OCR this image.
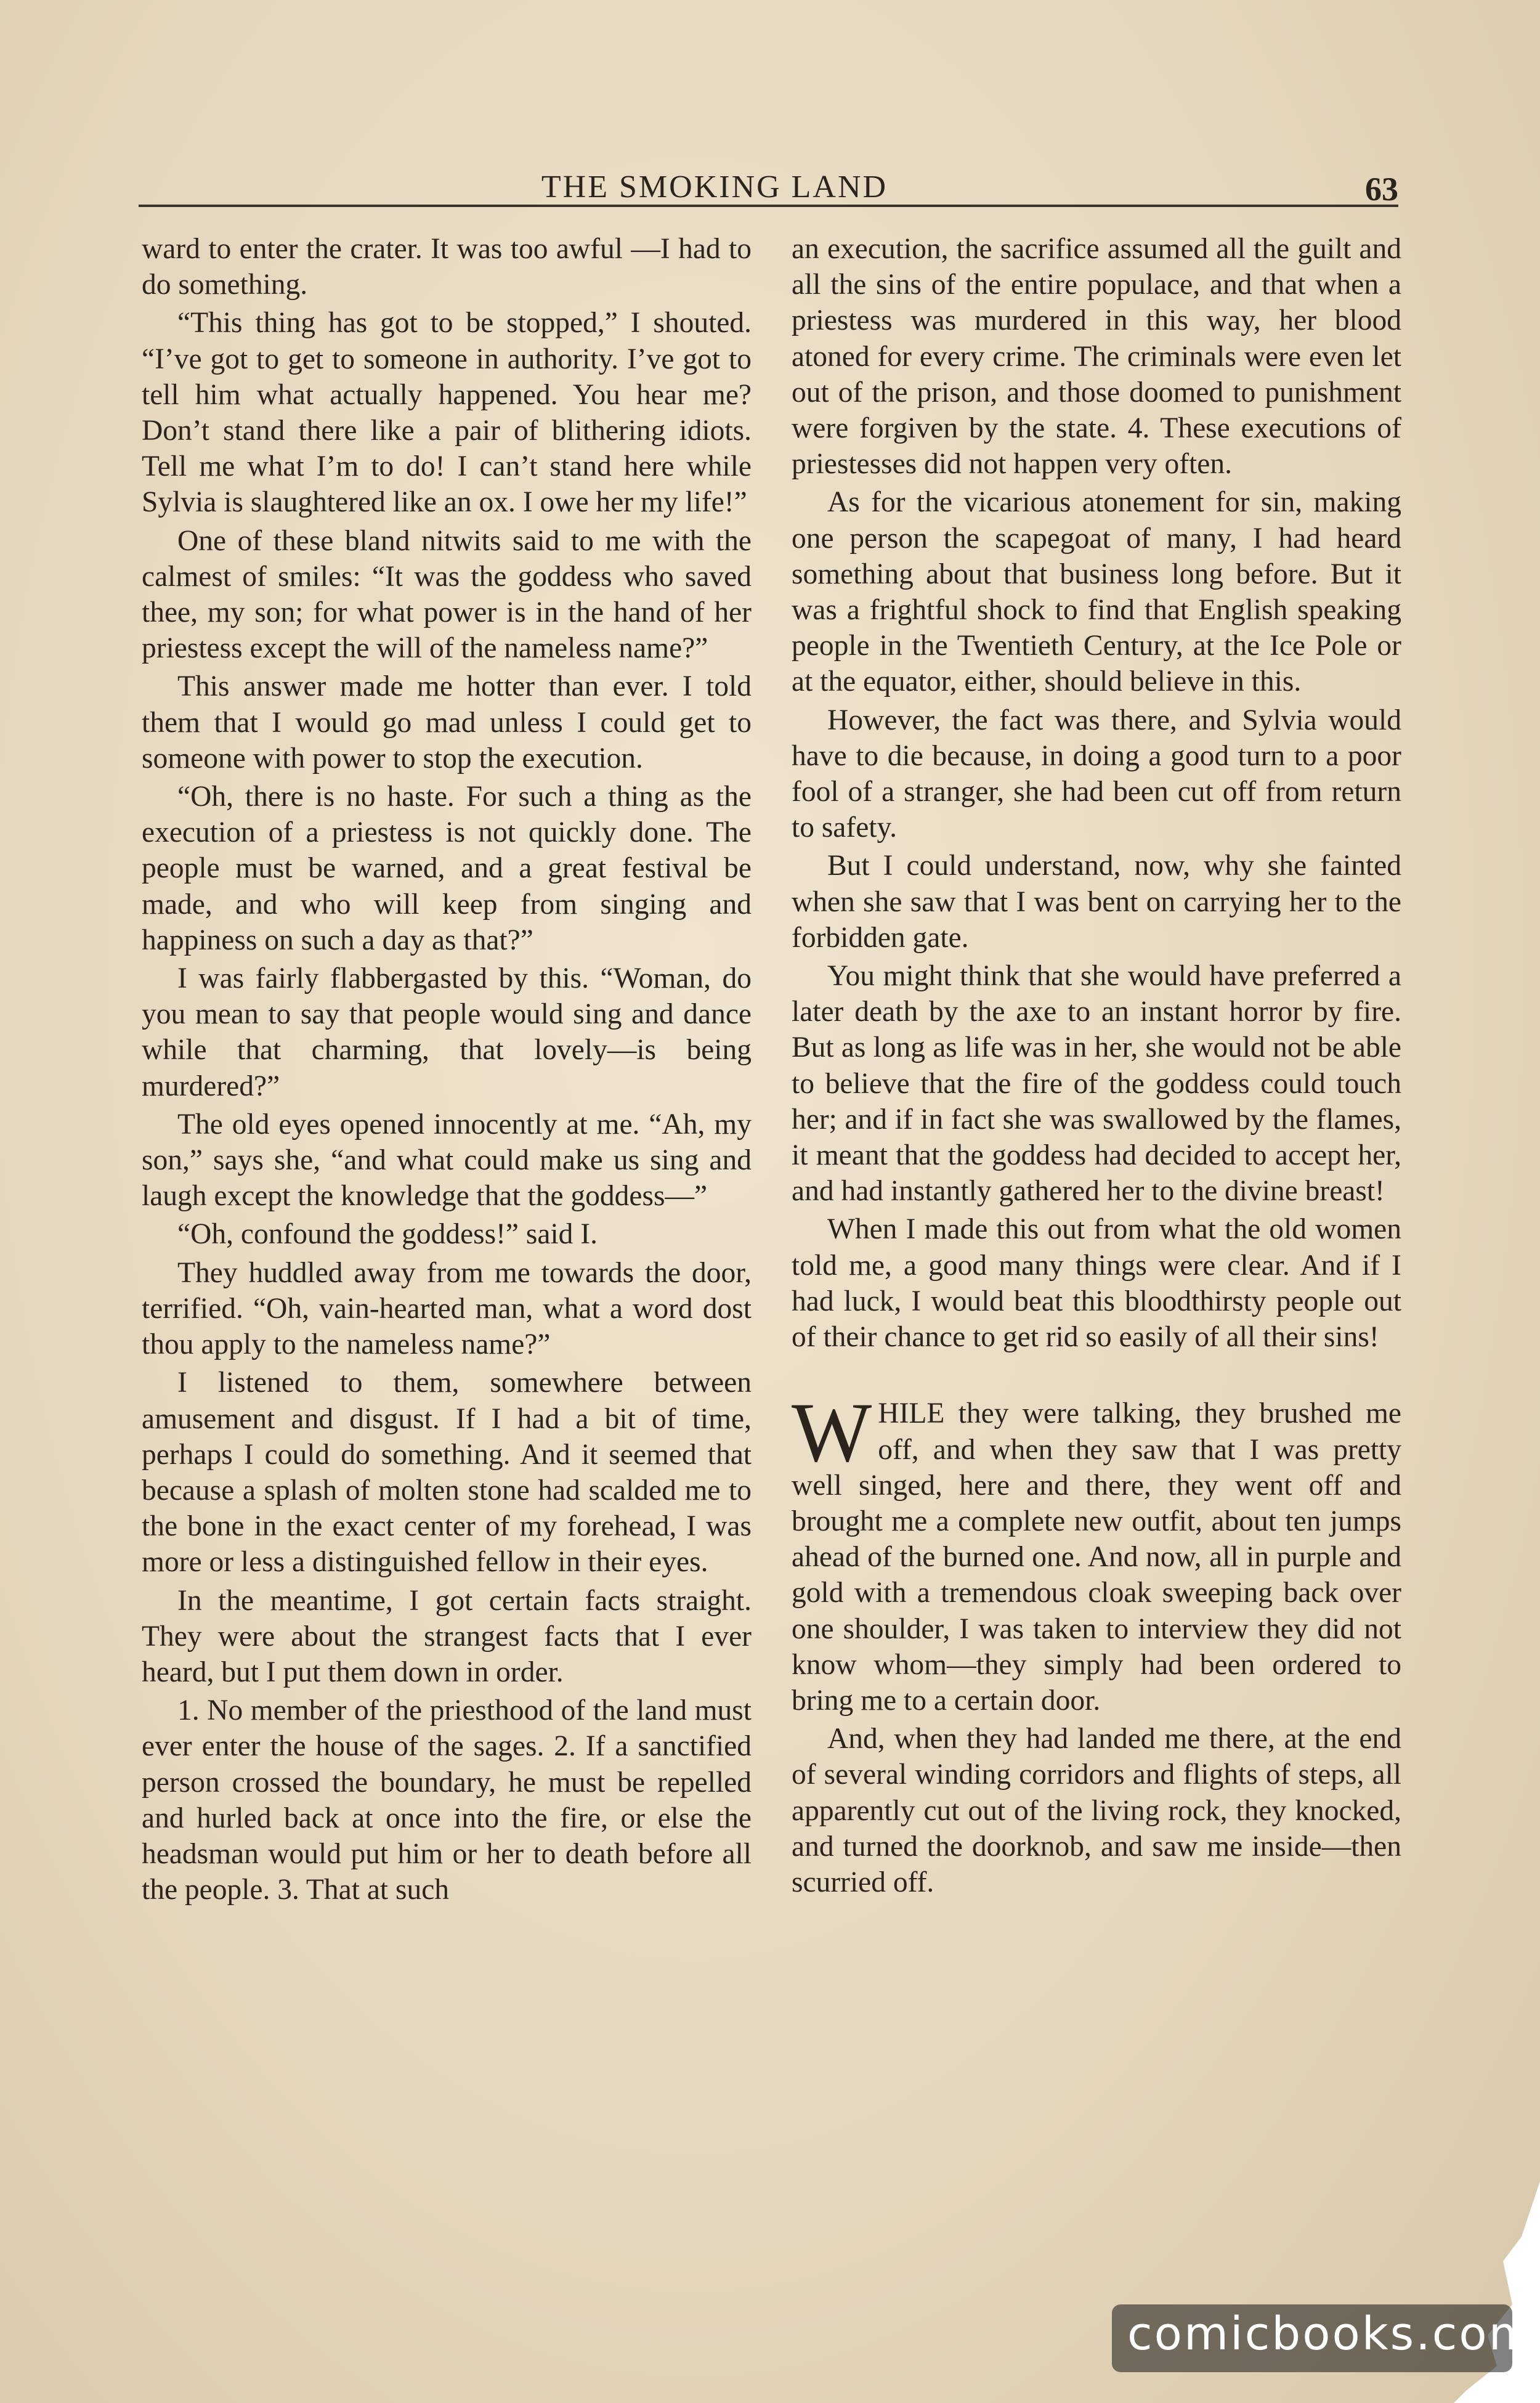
THE SMOKING LAND	63

ward to enter the crater. It was too awful —I had to do something.

“This thing has got to be stopped,” I shouted. “I’ve got to get to someone in authority. I’ve got to tell him what actually happened. You hear me? Don’t stand there like a pair of blithering idiots. Tell me what I’m to do! I can’t stand here while Sylvia is slaughtered like an ox. I owe her my life!”

One of these bland nitwits said to me with the calmest of smiles: “It was the goddess who saved thee, my son; for what power is in the hand of her priestess except the will of the nameless name?”

This answer made me hotter than ever. I told them that I would go mad unless I could get to someone with power to stop the execution.

“Oh, there is no haste. For such a thing as the execution of a priestess is not quickly done. The people must be warned, and a great festival be made, and who will keep from singing and happiness on such a day as that?”

I was fairly flabbergasted by this. “Woman, do you mean to say that people would sing and dance while that charming, that lovely—is being murdered?”

The old eyes opened innocently at me. “Ah, my son,” says she, “and what could make us sing and laugh except the knowledge that the goddess—”

“Oh, confound the goddess!” said I.

They huddled away from me towards the door, terrified. “Oh, vain-hearted man, what a word dost thou apply to the nameless name?”

I listened to them, somewhere between amusement and disgust. If I had a bit of time, perhaps I could do something. And it seemed that because a splash of molten stone had scalded me to the bone in the exact center of my forehead, I was more or less a distinguished fellow in their eyes.

In the meantime, I got certain facts straight. They were about the strangest facts that I ever heard, but I put them down in order.

1. No member of the priesthood of the land must ever enter the house of the sages. 2. If a sanctified person crossed the boundary, he must be repelled and hurled back at once into the fire, or else the headsman would put him or her to death before all the people. 3. That at such

an execution, the sacrifice assumed all the guilt and all the sins of the entire populace, and that when a priestess was murdered in this way, her blood atoned for every crime. The criminals were even let out of the prison, and those doomed to punishment were forgiven by the state. 4. These executions of priestesses did not happen very often.

As for the vicarious atonement for sin, making one person the scapegoat of many, I had heard something about that business long before. But it was a frightful shock to find that English speaking people in the Twentieth Century, at the Ice Pole or at the equator, either, should believe in this.

However, the fact was there, and Sylvia would have to die because, in doing a good turn to a poor fool of a stranger, she had been cut off from return to safety.

But I could understand, now, why she fainted when she saw that I was bent on carrying her to the forbidden gate.

You might think that she would have preferred a later death by the axe to an instant horror by fire. But as long as life was in her, she would not be able to believe that the fire of the goddess could touch her; and if in fact she was swallowed by the flames, it meant that the goddess had decided to accept her, and had instantly gathered her to the divine breast!

When I made this out from what the old women told me, a good many things were clear. And if I had luck, I would beat this bloodthirsty people out of their chance to get rid so easily of all their sins!

WHILE they were talking, they brushed me off, and when they saw that I was pretty well singed, here and there, they went off and brought me a complete new outfit, about ten jumps ahead of the burned one. And now, all in purple and gold with a tremendous cloak sweeping back over one shoulder, I was taken to interview they did not know whom—they simply had been ordered to bring me to a certain door.

And, when they had landed me there, at the end of several winding corridors and flights of steps, all apparently cut out of the living rock, they knocked, and turned the doorknob, and saw me inside—then scurried off.

comicbooks.com
